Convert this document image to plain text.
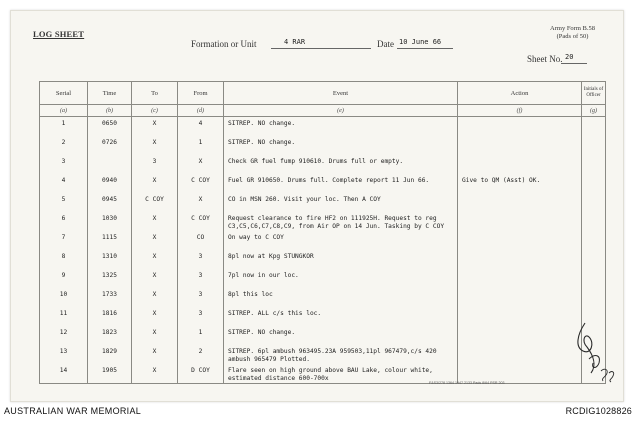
LOG SHEET
Army Form B.58
(Pads of 50)
Formation or Unit	4 RAR	Date 10 June 66
Sheet No. 20
Serial	Time	To	From	Event	Action	Initials of Officer
(a)	(b)	(c)	(d)	(e)	(f)	(g)
1	0650	X	4	SITREP. NO change.		
2	0726	X	1	SITREP. NO change.		
3		3	X	Check GR fuel fump 910610. Drums full or empty.		
4	0940	X	C COY	Fuel GR 910650. Drums full. Complete report 11 Jun 66.	Give to QM (Asst) OK.	
5	0945	C COY	X	CO in MSN 260. Visit your loc. Then A COY		
6	1030	X	C COY	Request clearance to fire HF2 on 111925H. Request to reg C3,C5,C6,C7,C8,C9, from Air OP on 14 Jun. Tasking by C COY		
7	1115	X	CO	On way to C COY		
8	1310	X	3	8pl now at Kpg STUNGKOR		
9	1325	X	3	7pl now in our loc.		
10	1733	X	3	8pl this loc		
11	1816	X	3	SITREP. ALL c/s this loc.		
12	1823	X	1	SITREP. NO change.		
13	1829	X	2	SITREP. 6pl ambush 963495.23A 959503,11pl 967479,c/s 420 ambush 965479 Plotted.		
14	1905	X	D COY	Flare seen on high ground above BAU Lake, colour white, estimated distance 600-700x		
F&S3/278 1364 1947 2133 Pads 8/64 PSR 203
AUSTRALIAN WAR MEMORIAL	RCDIG1028826
